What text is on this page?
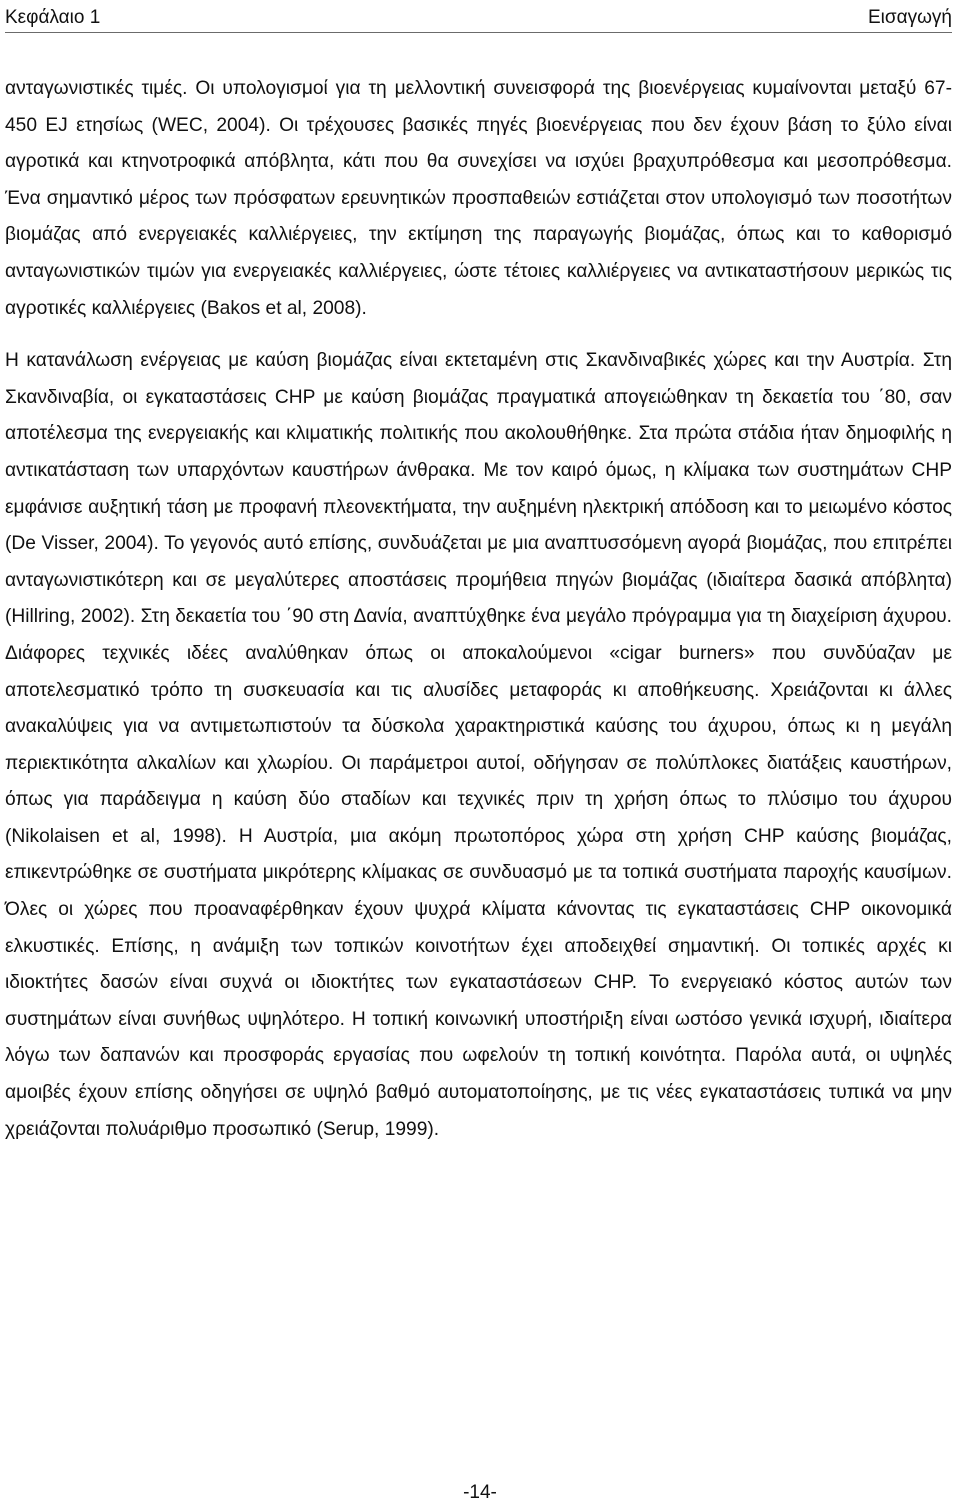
Κεφάλαιο 1	Εισαγωγή

ανταγωνιστικές τιμές. Οι υπολογισμοί για τη μελλοντική συνεισφορά της βιοενέργειας κυμαίνονται μεταξύ 67-450 EJ ετησίως (WEC, 2004). Οι τρέχουσες βασικές πηγές βιοενέργειας που δεν έχουν βάση το ξύλο είναι αγροτικά και κτηνοτροφικά απόβλητα, κάτι που θα συνεχίσει να ισχύει βραχυπρόθεσμα και μεσοπρόθεσμα. Ένα σημαντικό μέρος των πρόσφατων ερευνητικών προσπαθειών εστιάζεται στον υπολογισμό των ποσοτήτων βιομάζας από ενεργειακές καλλιέργειες, την εκτίμηση της παραγωγής βιομάζας, όπως και το καθορισμό ανταγωνιστικών τιμών για ενεργειακές καλλιέργειες, ώστε τέτοιες καλλιέργειες να αντικαταστήσουν μερικώς τις αγροτικές καλλιέργειες (Bakos et al, 2008).

Η κατανάλωση ενέργειας με καύση βιομάζας είναι εκτεταμένη στις Σκανδιναβικές χώρες και την Αυστρία. Στη Σκανδιναβία, οι εγκαταστάσεις CHP με καύση βιομάζας πραγματικά απογειώθηκαν τη δεκαετία του ΄80, σαν αποτέλεσμα της ενεργειακής και κλιματικής πολιτικής που ακολουθήθηκε. Στα πρώτα στάδια ήταν δημοφιλής η αντικατάσταση των υπαρχόντων καυστήρων άνθρακα. Με τον καιρό όμως, η κλίμακα των συστημάτων CHP εμφάνισε αυξητική τάση με προφανή πλεονεκτήματα, την αυξημένη ηλεκτρική απόδοση και το μειωμένο κόστος (De Visser, 2004). Το γεγονός αυτό επίσης, συνδυάζεται με μια αναπτυσσόμενη αγορά βιομάζας, που επιτρέπει ανταγωνιστικότερη και σε μεγαλύτερες αποστάσεις προμήθεια πηγών βιομάζας (ιδιαίτερα δασικά απόβλητα) (Hillring, 2002). Στη δεκαετία του ΄90 στη Δανία, αναπτύχθηκε ένα μεγάλο πρόγραμμα για τη διαχείριση άχυρου. Διάφορες τεχνικές ιδέες αναλύθηκαν όπως οι αποκαλούμενοι «cigar burners» που συνδύαζαν με αποτελεσματικό τρόπο τη συσκευασία και τις αλυσίδες μεταφοράς κι αποθήκευσης. Χρειάζονται κι άλλες ανακαλύψεις για να αντιμετωπιστούν τα δύσκολα χαρακτηριστικά καύσης του άχυρου, όπως κι η μεγάλη περιεκτικότητα αλκαλίων και χλωρίου. Οι παράμετροι αυτοί, οδήγησαν σε πολύπλοκες διατάξεις καυστήρων, όπως για παράδειγμα η καύση δύο σταδίων και τεχνικές πριν τη χρήση όπως το πλύσιμο του άχυρου (Nikolaisen et al, 1998). Η Αυστρία, μια ακόμη πρωτοπόρος χώρα στη χρήση CHP καύσης βιομάζας, επικεντρώθηκε σε συστήματα μικρότερης κλίμακας σε συνδυασμό με τα τοπικά συστήματα παροχής καυσίμων. Όλες οι χώρες που προαναφέρθηκαν έχουν ψυχρά κλίματα κάνοντας τις εγκαταστάσεις CHP οικονομικά ελκυστικές. Επίσης, η ανάμιξη των τοπικών κοινοτήτων έχει αποδειχθεί σημαντική. Οι τοπικές αρχές κι ιδιοκτήτες δασών είναι συχνά οι ιδιοκτήτες των εγκαταστάσεων CHP. Το ενεργειακό κόστος αυτών των συστημάτων είναι συνήθως υψηλότερο. Η τοπική κοινωνική υποστήριξη είναι ωστόσο γενικά ισχυρή, ιδιαίτερα λόγω των δαπανών και προσφοράς εργασίας που ωφελούν τη τοπική κοινότητα. Παρόλα αυτά, οι υψηλές αμοιβές έχουν επίσης οδηγήσει σε υψηλό βαθμό αυτοματοποίησης, με τις νέες εγκαταστάσεις τυπικά να μην χρειάζονται πολυάριθμο προσωπικό (Serup, 1999).

-14-
